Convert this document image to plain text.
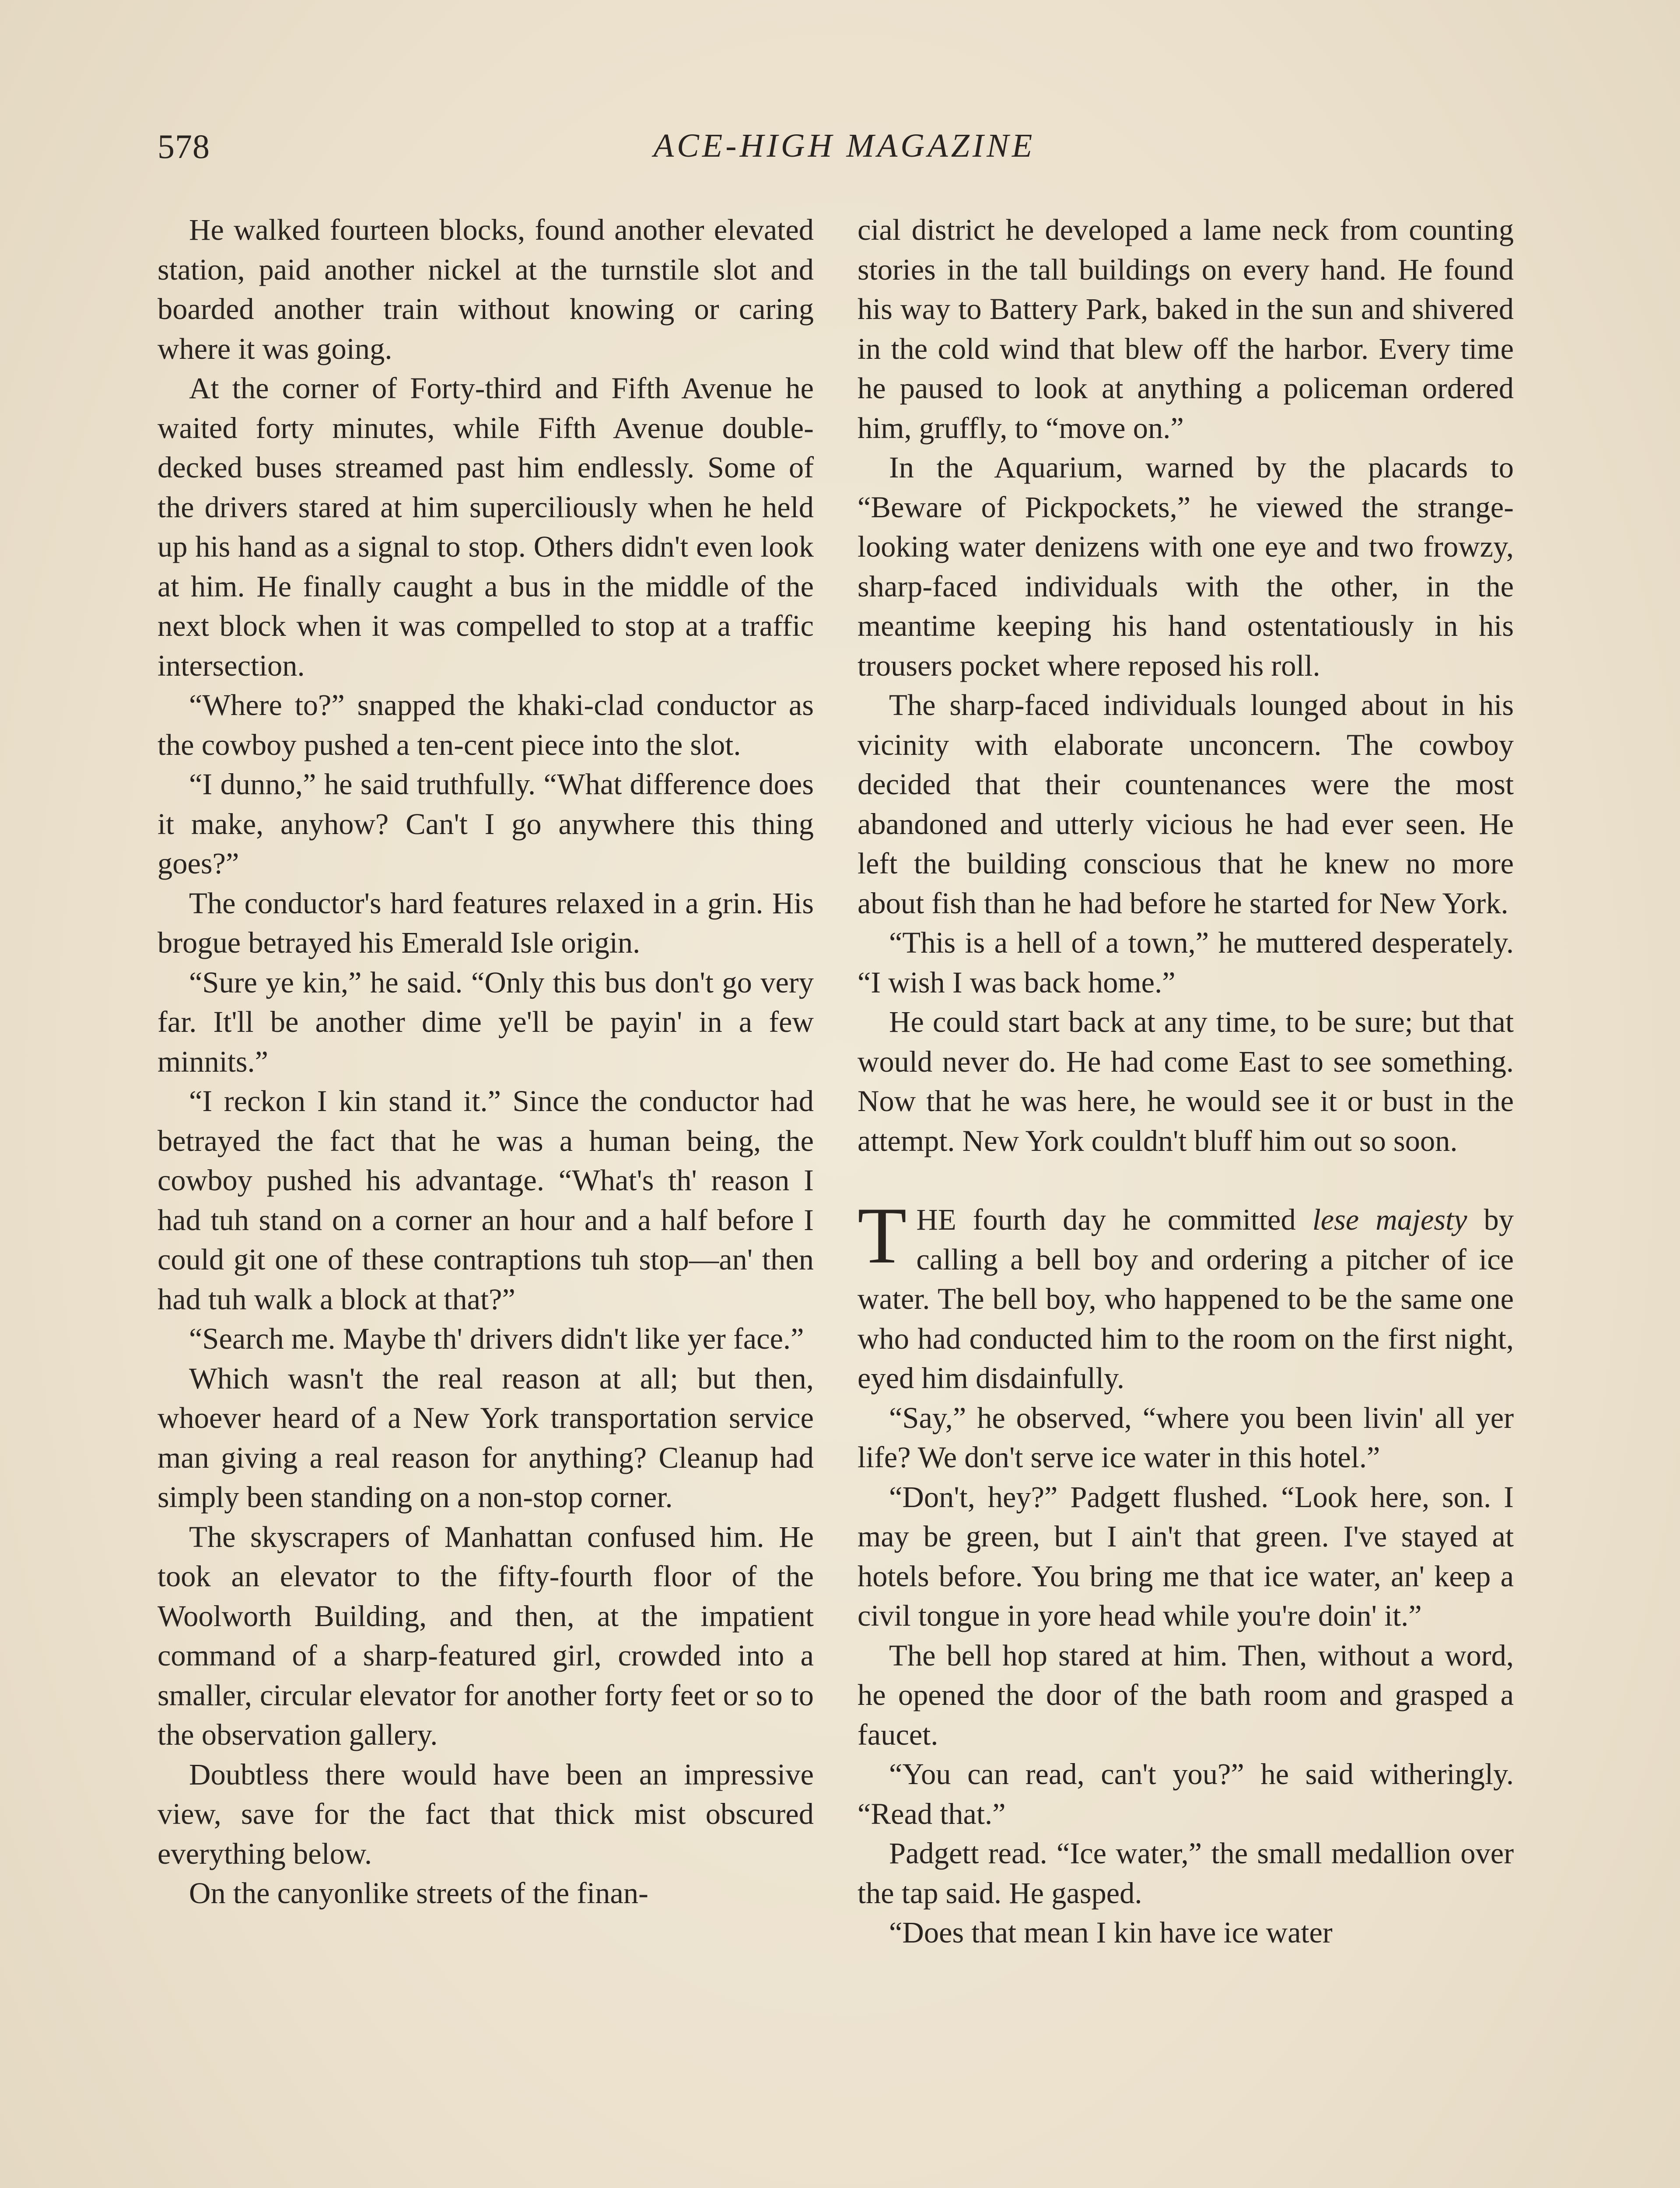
578	ACE-HIGH MAGAZINE

He walked fourteen blocks, found another elevated station, paid another nickel at the turnstile slot and boarded another train without knowing or caring where it was going.

At the corner of Forty-third and Fifth Avenue he waited forty minutes, while Fifth Avenue double-decked buses streamed past him endlessly. Some of the drivers stared at him superciliously when he held up his hand as a signal to stop. Others didn't even look at him. He finally caught a bus in the middle of the next block when it was compelled to stop at a traffic intersection.

“Where to?” snapped the khaki-clad conductor as the cowboy pushed a ten-cent piece into the slot.

“I dunno,” he said truthfully. “What difference does it make, anyhow? Can't I go anywhere this thing goes?”

The conductor's hard features relaxed in a grin. His brogue betrayed his Emerald Isle origin.

“Sure ye kin,” he said. “Only this bus don't go very far. It'll be another dime ye'll be payin' in a few minnits.”

“I reckon I kin stand it.” Since the conductor had betrayed the fact that he was a human being, the cowboy pushed his advantage. “What's th' reason I had tuh stand on a corner an hour and a half before I could git one of these contraptions tuh stop—an' then had tuh walk a block at that?”

“Search me. Maybe th' drivers didn't like yer face.”

Which wasn't the real reason at all; but then, whoever heard of a New York transportation service man giving a real reason for anything? Cleanup had simply been standing on a non-stop corner.

The skyscrapers of Manhattan confused him. He took an elevator to the fifty-fourth floor of the Woolworth Building, and then, at the impatient command of a sharp-featured girl, crowded into a smaller, circular elevator for another forty feet or so to the observation gallery.

Doubtless there would have been an impressive view, save for the fact that thick mist obscured everything below.

On the canyonlike streets of the finan-

cial district he developed a lame neck from counting stories in the tall buildings on every hand. He found his way to Battery Park, baked in the sun and shivered in the cold wind that blew off the harbor. Every time he paused to look at anything a policeman ordered him, gruffly, to “move on.”

In the Aquarium, warned by the placards to “Beware of Pickpockets,” he viewed the strange-looking water denizens with one eye and two frowzy, sharp-faced individuals with the other, in the meantime keeping his hand ostentatiously in his trousers pocket where reposed his roll.

The sharp-faced individuals lounged about in his vicinity with elaborate unconcern. The cowboy decided that their countenances were the most abandoned and utterly vicious he had ever seen. He left the building conscious that he knew no more about fish than he had before he started for New York.

“This is a hell of a town,” he muttered desperately. “I wish I was back home.”

He could start back at any time, to be sure; but that would never do. He had come East to see something. Now that he was here, he would see it or bust in the attempt. New York couldn't bluff him out so soon.

THE fourth day he committed lese majesty by calling a bell boy and ordering a pitcher of ice water. The bell boy, who happened to be the same one who had conducted him to the room on the first night, eyed him disdainfully.

“Say,” he observed, “where you been livin' all yer life? We don't serve ice water in this hotel.”

“Don't, hey?” Padgett flushed. “Look here, son. I may be green, but I ain't that green. I've stayed at hotels before. You bring me that ice water, an' keep a civil tongue in yore head while you're doin' it.”

The bell hop stared at him. Then, without a word, he opened the door of the bath room and grasped a faucet.

“You can read, can't you?” he said witheringly. “Read that.”

Padgett read. “Ice water,” the small medallion over the tap said. He gasped.

“Does that mean I kin have ice water
